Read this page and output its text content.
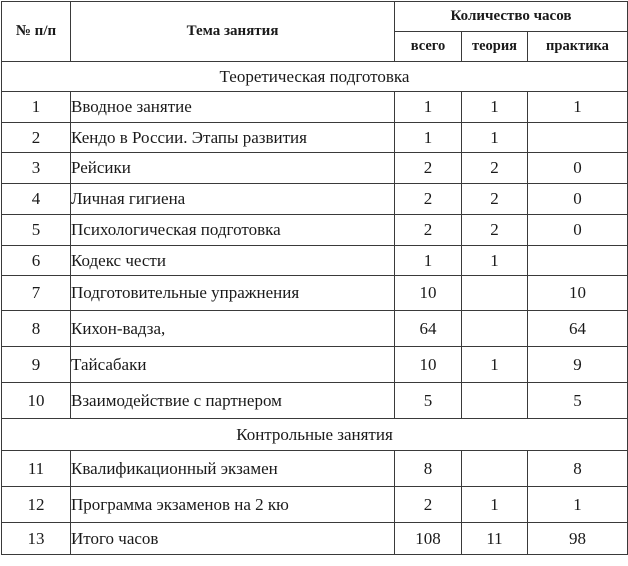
№ п/п	Тема занятия	Количество часов		
		всего	теория	практика
Теоретическая подготовка				
1	Вводное занятие	1	1	1
2	Кендо в России. Этапы развития	1	1	
3	Рейсики	2	2	0
4	Личная гигиена	2	2	0
5	Психологическая подготовка	2	2	0
6	Кодекс чести	1	1	
7	Подготовительные упражнения	10		10
8	Кихон-вадза,	64		64
9	Тайсабаки	10	1	9
10	Взаимодействие с партнером	5		5
Контрольные занятия				
11	Квалификационный экзамен	8		8
12	Программа экзаменов на 2 кю	2	1	1
13	Итого часов	108	11	98
